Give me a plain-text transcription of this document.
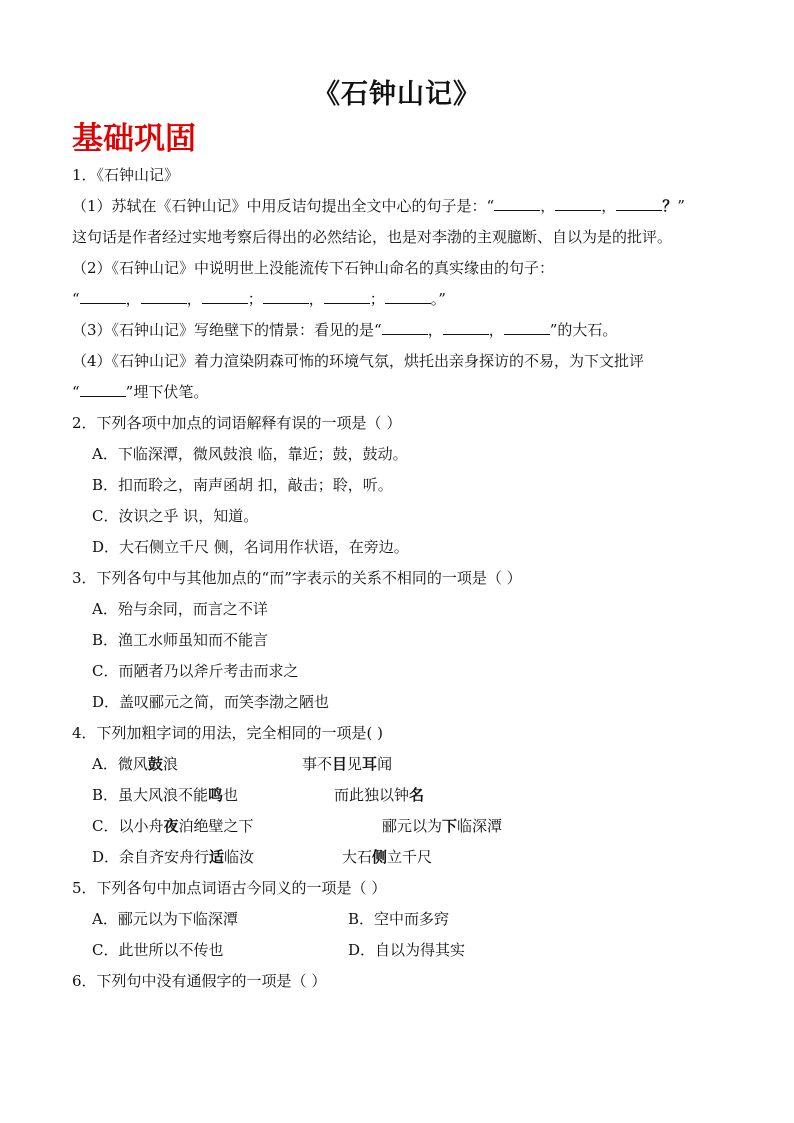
《石钟山记》
基础巩固
1．《石钟山记》
（1）苏轼在《石钟山记》中用反诘句提出全文中心的句子是：“	，	，	？”
这句话是作者经过实地考察后得出的必然结论，也是对李渤的主观臆断、自以为是的批评。
（2）《石钟山记》中说明世上没能流传下石钟山命名的真实缘由的句子：
“	，	，	；	，	；	。”
（3）《石钟山记》写绝壁下的情景：看见的是“	，	，	”的大石。
（4）《石钟山记》着力渲染阴森可怖的环境气氛，烘托出亲身探访的不易，为下文批评
“	”埋下伏笔。
2．下列各项中加点的词语解释有误的一项是（ ）
A．下临深潭，微风鼓浪 临，靠近；鼓，鼓动。
B．扣而聆之，南声函胡 扣，敲击；聆，听。
C．汝识之乎 识，知道。
D．大石侧立千尺 侧，名词用作状语，在旁边。
3．下列各句中与其他加点的“而”字表示的关系不相同的一项是（ ）
A．殆与余同，而言之不详
B．渔工水师虽知而不能言
C．而陋者乃以斧斤考击而求之
D．盖叹郦元之简，而笑李渤之陋也
4．下列加粗字词的用法，完全相同的一项是( )
A．微风鼓浪	事不目见耳闻
B．虽大风浪不能鸣也	而此独以钟名
C．以小舟夜泊绝壁之下	郦元以为下临深潭
D．余自齐安舟行适临汝	大石侧立千尺
5．下列各句中加点词语古今同义的一项是（ ）
A．郦元以为下临深潭	B．空中而多窍
C．此世所以不传也	D．自以为得其实
6．下列句中没有通假字的一项是（ ）
